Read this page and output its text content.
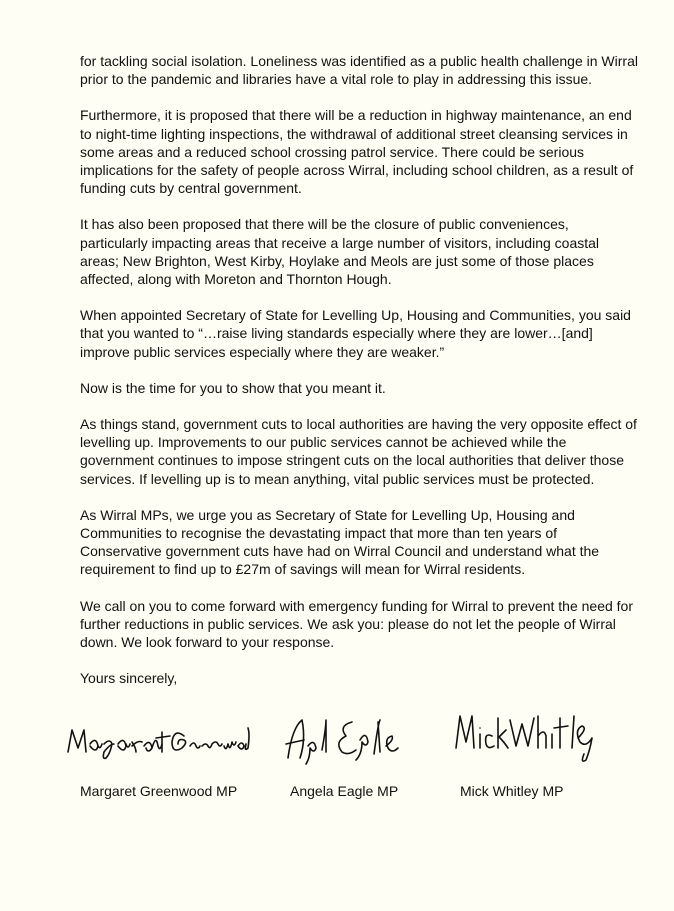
for tackling social isolation. Loneliness was identified as a public health challenge in Wirral prior to the pandemic and libraries have a vital role to play in addressing this issue.

Furthermore, it is proposed that there will be a reduction in highway maintenance, an end to night-time lighting inspections, the withdrawal of additional street cleansing services in some areas and a reduced school crossing patrol service. There could be serious implications for the safety of people across Wirral, including school children, as a result of funding cuts by central government.

It has also been proposed that there will be the closure of public conveniences, particularly impacting areas that receive a large number of visitors, including coastal areas; New Brighton, West Kirby, Hoylake and Meols are just some of those places affected, along with Moreton and Thornton Hough.

When appointed Secretary of State for Levelling Up, Housing and Communities, you said that you wanted to “…raise living standards especially where they are lower…[and] improve public services especially where they are weaker.”

Now is the time for you to show that you meant it.

As things stand, government cuts to local authorities are having the very opposite effect of levelling up. Improvements to our public services cannot be achieved while the government continues to impose stringent cuts on the local authorities that deliver those services. If levelling up is to mean anything, vital public services must be protected.

As Wirral MPs, we urge you as Secretary of State for Levelling Up, Housing and Communities to recognise the devastating impact that more than ten years of Conservative government cuts have had on Wirral Council and understand what the requirement to find up to £27m of savings will mean for Wirral residents.

We call on you to come forward with emergency funding for Wirral to prevent the need for further reductions in public services. We ask you: please do not let the people of Wirral down. We look forward to your response.

Yours sincerely,

Margaret Greenwood MP	Angela Eagle MP	Mick Whitley MP
